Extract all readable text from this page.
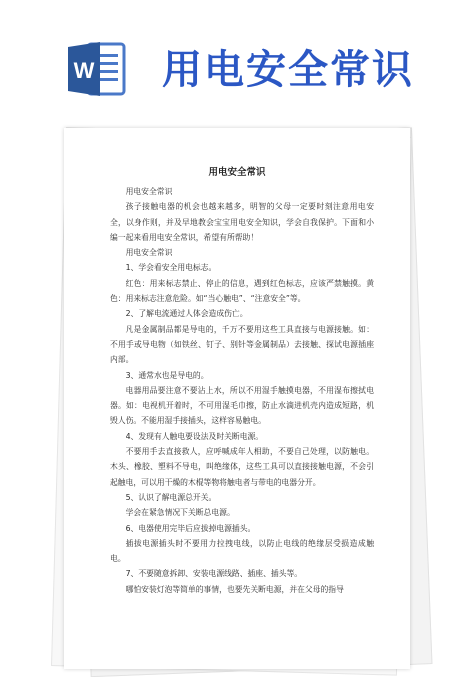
W 用电安全常识
用电安全常识

用电安全常识

孩子接触电器的机会也越来越多，明智的父母一定要时刻注意用电安全，以身作则，并及早地教会宝宝用电安全知识，学会自我保护。下面和小编一起来看用电安全常识，希望有所帮助！

用电安全常识

1、学会看安全用电标志。

红色：用来标志禁止、停止的信息，遇到红色标志，应该严禁触摸。黄色：用来标志注意危险。如“当心触电”、“注意安全”等。

2、了解电流通过人体会造成伤亡。

凡是金属制品都是导电的，千万不要用这些工具直接与电源接触。如：不用手或导电物（如铁丝、钉子、别针等金属制品）去接触、探试电源插座内部。

3、通常水也是导电的。

电器用品要注意不要沾上水，所以不用湿手触摸电器，不用湿布擦拭电器。如：电视机开着时，不可用湿毛巾擦，防止水滴进机壳内造成短路，机毁人伤。不能用湿手接插头，这样容易触电。

4、发现有人触电要设法及时关断电源。

不要用手去直接救人，应呼喊成年人相助，不要自己处理，以防触电。木头、橡胶、塑料不导电，叫绝缘体，这些工具可以直接接触电源，不会引起触电，可以用干燥的木棍等物将触电者与带电的电器分开。

5、认识了解电源总开关。

学会在紧急情况下关断总电源。

6、电器使用完毕后应拔掉电源插头。

插拔电源插头时不要用力拉拽电线，以防止电线的绝缘层受损造成触电。

7、不要随意拆卸、安装电源线路、插座、插头等。

哪怕安装灯泡等简单的事情，也要先关断电源，并在父母的指导
